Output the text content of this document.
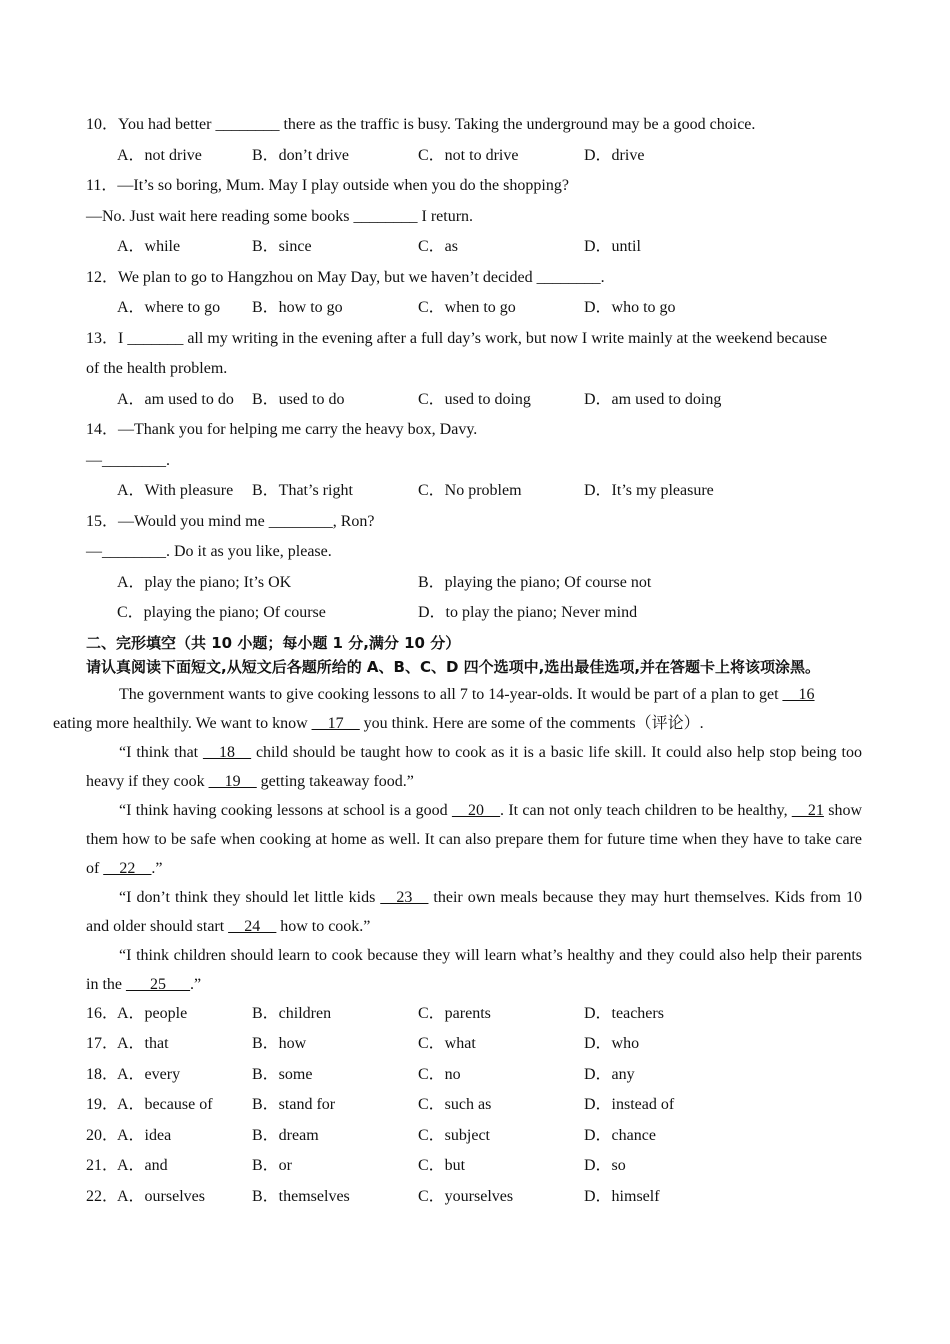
10．You had better ________ there as the traffic is busy. Taking the underground may be a good choice.
A．not drive	B．don’t drive	C．not to drive	D．drive
11．—It’s so boring, Mum. May I play outside when you do the shopping?
—No. Just wait here reading some books ________ I return.
A．while	B．since	C．as	D．until
12．We plan to go to Hangzhou on May Day, but we haven’t decided ________.
A．where to go B．how to go	C．when to go	D．who to go
13．I _______ all my writing in the evening after a full day’s work, but now I write mainly at the weekend because
of the health problem.
A．am used to do B．used to do	C．used to doing	D．am used to doing
14．—Thank you for helping me carry the heavy box, Davy.
—________.
A．With pleasure B．That’s right	C．No problem	D．It’s my pleasure
15．—Would you mind me ________, Ron?
—________. Do it as you like, please.
A．play the piano; It’s OK	B．playing the piano; Of course not
C．playing the piano; Of course	D．to play the piano; Never mind
二、完形填空（共 10 小题；每小题 1 分,满分 10 分）
请认真阅读下面短文,从短文后各题所给的 A、B、C、D 四个选项中,选出最佳选项,并在答题卡上将该项涂黑。
The government wants to give cooking lessons to all 7 to 14-year-olds. It would be part of a plan to get __16
eating more healthily. We want to know __17__ you think. Here are some of the comments（评论）.
“I think that __18__ child should be taught how to cook as it is a basic life skill. It could also help stop being too heavy if they cook __19__ getting takeaway food.”
“I think having cooking lessons at school is a good __20__. It can not only teach children to be healthy, __21 show them how to be safe when cooking at home as well. It can also prepare them for future time when they have to take care of __22__.”
“I don’t think they should let little kids __23__ their own meals because they may hurt themselves. Kids from 10 and older should start __24__ how to cook.”
“I think children should learn to cook because they will learn what’s healthy and they could also help their parents in the ___25___.”
16．
A．people	B．children	C．parents	D．teachers
17．
A．that	B．how	C．what	D．who
18．
A．every	B．some	C．no	D．any
19．
A．because of B．stand for	C．such as	D．instead of
20．
A．idea	B．dream	C．subject	D．chance
21．
A．and	B．or	C．but	D．so
22．
A．ourselves	B．themselves	C．yourselves	D．himself
